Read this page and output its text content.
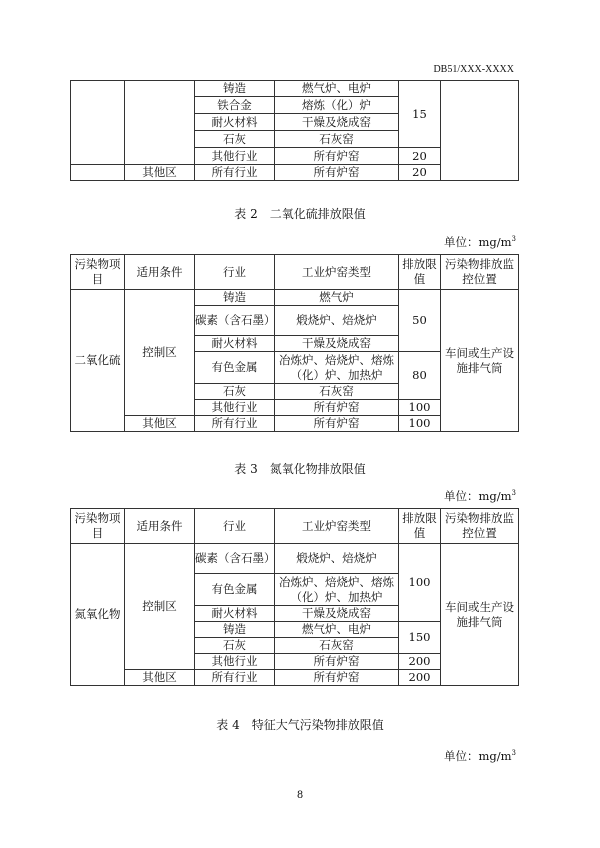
DB51/XXX-XXXX
		铸造	燃气炉、电炉	15	
		铁合金	熔炼（化）炉		
		耐火材料	干燥及烧成窑		
		石灰	石灰窑		
		其他行业	所有炉窑	20	
	其他区	所有行业	所有炉窑	20	
表 2　二氧化硫排放限值
单位：$mg/m^3$
污染物项目	适用条件	行业	工业炉窑类型	排放限值	污染物排放监控位置
二氧化硫	控制区	铸造	燃气炉	50	车间或生产设施排气筒
		碳素（含石墨）	煅烧炉、焙烧炉		
		耐火材料	干燥及烧成窑		
		有色金属	冶炼炉、焙烧炉、熔炼（化）炉、加热炉	80	
		石灰	石灰窑		
		其他行业	所有炉窑	100	
	其他区	所有行业	所有炉窑	100	
表 3　氮氧化物排放限值
单位：$mg/m^3$
污染物项目	适用条件	行业	工业炉窑类型	排放限值	污染物排放监控位置
氮氧化物	控制区	碳素（含石墨）	煅烧炉、焙烧炉	100	车间或生产设施排气筒
		有色金属	冶炼炉、焙烧炉、熔炼（化）炉、加热炉		
		耐火材料	干燥及烧成窑		
		铸造	燃气炉、电炉	150	
		石灰	石灰窑		
		其他行业	所有炉窑	200	
	其他区	所有行业	所有炉窑	200	
表 4　特征大气污染物排放限值
单位：$mg/m^3$
8
